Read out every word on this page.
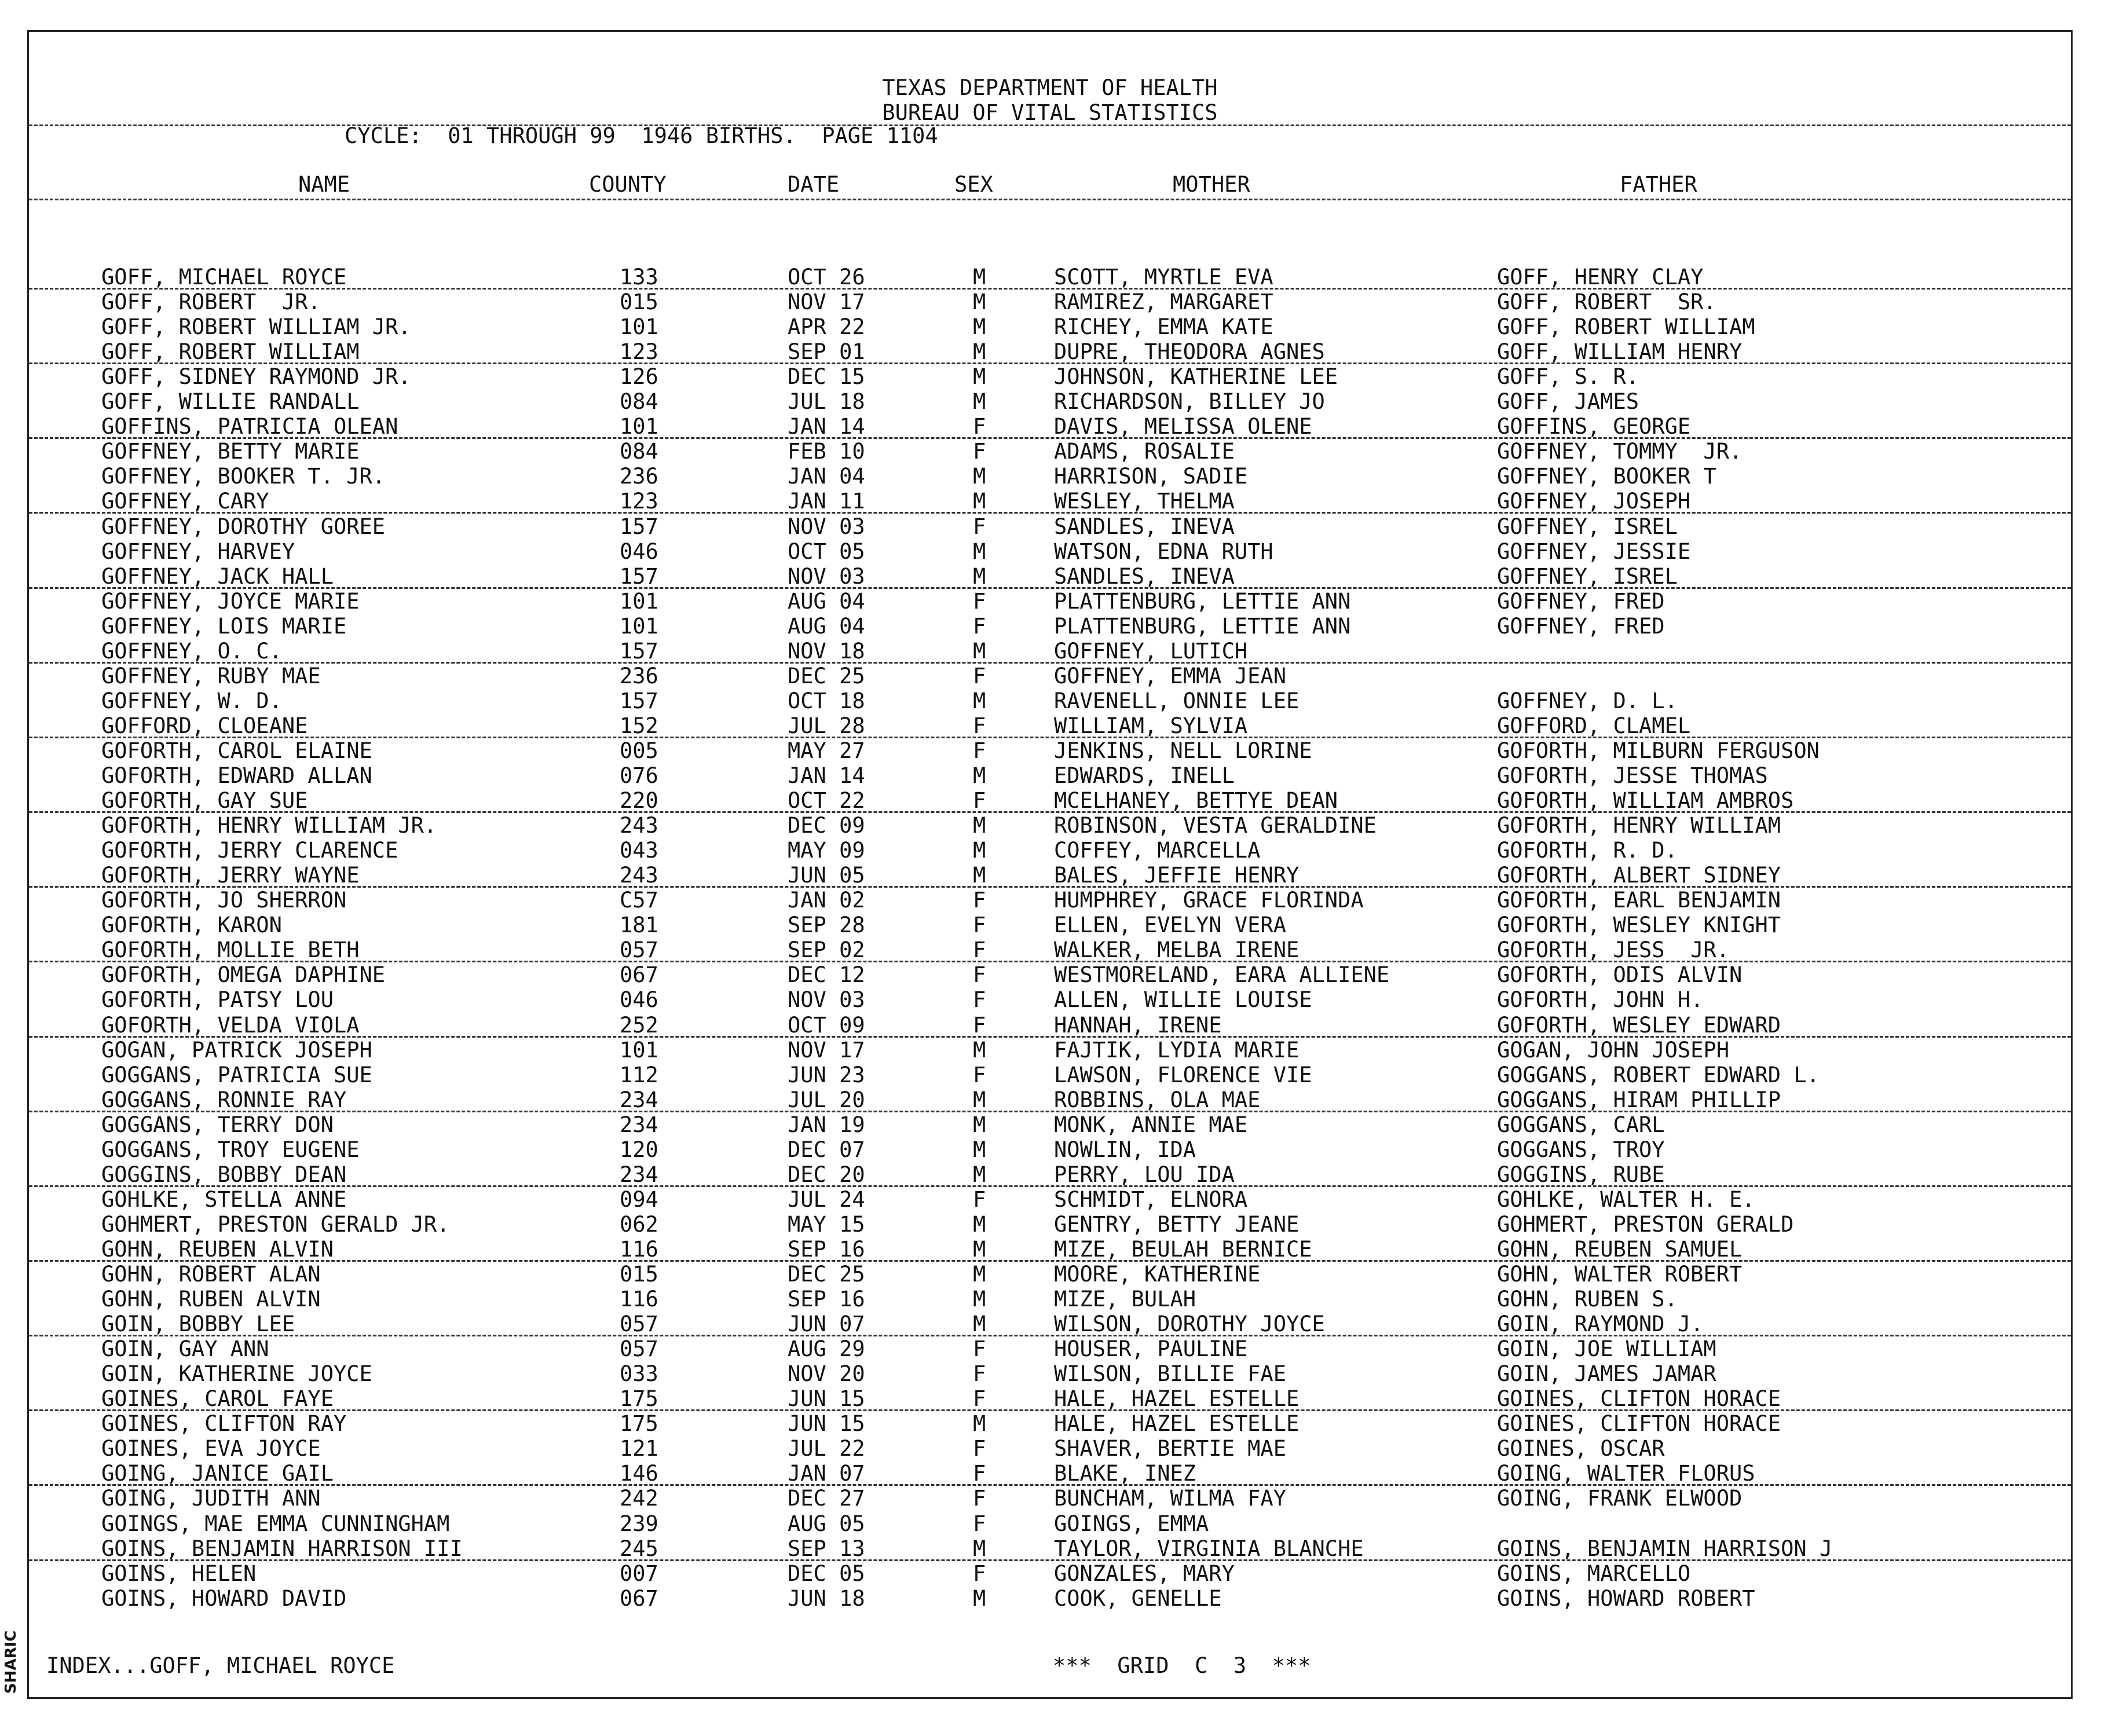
SHARIC
TEXAS DEPARTMENT OF HEALTH
BUREAU OF VITAL STATISTICS
CYCLE:  01 THROUGH 99  1946 BIRTHS.  PAGE 1104
NAME	COUNTY	DATE	SEX	MOTHER	FATHER
GOFF, MICHAEL ROYCE	133	OCT 26	M	SCOTT, MYRTLE EVA	GOFF, HENRY CLAY
GOFF, ROBERT  JR.	015	NOV 17	M	RAMIREZ, MARGARET	GOFF, ROBERT  SR.
GOFF, ROBERT WILLIAM JR.	101	APR 22	M	RICHEY, EMMA KATE	GOFF, ROBERT WILLIAM
GOFF, ROBERT WILLIAM	123	SEP 01	M	DUPRE, THEODORA AGNES	GOFF, WILLIAM HENRY
GOFF, SIDNEY RAYMOND JR.	126	DEC 15	M	JOHNSON, KATHERINE LEE	GOFF, S. R.
GOFF, WILLIE RANDALL	084	JUL 18	M	RICHARDSON, BILLEY JO	GOFF, JAMES
GOFFINS, PATRICIA OLEAN	101	JAN 14	F	DAVIS, MELISSA OLENE	GOFFINS, GEORGE
GOFFNEY, BETTY MARIE	084	FEB 10	F	ADAMS, ROSALIE	GOFFNEY, TOMMY  JR.
GOFFNEY, BOOKER T. JR.	236	JAN 04	M	HARRISON, SADIE	GOFFNEY, BOOKER T
GOFFNEY, CARY	123	JAN 11	M	WESLEY, THELMA	GOFFNEY, JOSEPH
GOFFNEY, DOROTHY GOREE	157	NOV 03	F	SANDLES, INEVA	GOFFNEY, ISREL
GOFFNEY, HARVEY	046	OCT 05	M	WATSON, EDNA RUTH	GOFFNEY, JESSIE
GOFFNEY, JACK HALL	157	NOV 03	M	SANDLES, INEVA	GOFFNEY, ISREL
GOFFNEY, JOYCE MARIE	101	AUG 04	F	PLATTENBURG, LETTIE ANN	GOFFNEY, FRED
GOFFNEY, LOIS MARIE	101	AUG 04	F	PLATTENBURG, LETTIE ANN	GOFFNEY, FRED
GOFFNEY, O. C.	157	NOV 18	M	GOFFNEY, LUTICH
GOFFNEY, RUBY MAE	236	DEC 25	F	GOFFNEY, EMMA JEAN
GOFFNEY, W. D.	157	OCT 18	M	RAVENELL, ONNIE LEE	GOFFNEY, D. L.
GOFFORD, CLOEANE	152	JUL 28	F	WILLIAM, SYLVIA	GOFFORD, CLAMEL
GOFORTH, CAROL ELAINE	005	MAY 27	F	JENKINS, NELL LORINE	GOFORTH, MILBURN FERGUSON
GOFORTH, EDWARD ALLAN	076	JAN 14	M	EDWARDS, INELL	GOFORTH, JESSE THOMAS
GOFORTH, GAY SUE	220	OCT 22	F	MCELHANEY, BETTYE DEAN	GOFORTH, WILLIAM AMBROS
GOFORTH, HENRY WILLIAM JR.	243	DEC 09	M	ROBINSON, VESTA GERALDINE	GOFORTH, HENRY WILLIAM
GOFORTH, JERRY CLARENCE	043	MAY 09	M	COFFEY, MARCELLA	GOFORTH, R. D.
GOFORTH, JERRY WAYNE	243	JUN 05	M	BALES, JEFFIE HENRY	GOFORTH, ALBERT SIDNEY
GOFORTH, JO SHERRON	C57	JAN 02	F	HUMPHREY, GRACE FLORINDA	GOFORTH, EARL BENJAMIN
GOFORTH, KARON	181	SEP 28	F	ELLEN, EVELYN VERA	GOFORTH, WESLEY KNIGHT
GOFORTH, MOLLIE BETH	057	SEP 02	F	WALKER, MELBA IRENE	GOFORTH, JESS  JR.
GOFORTH, OMEGA DAPHINE	067	DEC 12	F	WESTMORELAND, EARA ALLIENE	GOFORTH, ODIS ALVIN
GOFORTH, PATSY LOU	046	NOV 03	F	ALLEN, WILLIE LOUISE	GOFORTH, JOHN H.
GOFORTH, VELDA VIOLA	252	OCT 09	F	HANNAH, IRENE	GOFORTH, WESLEY EDWARD
GOGAN, PATRICK JOSEPH	101	NOV 17	M	FAJTIK, LYDIA MARIE	GOGAN, JOHN JOSEPH
GOGGANS, PATRICIA SUE	112	JUN 23	F	LAWSON, FLORENCE VIE	GOGGANS, ROBERT EDWARD L.
GOGGANS, RONNIE RAY	234	JUL 20	M	ROBBINS, OLA MAE	GOGGANS, HIRAM PHILLIP
GOGGANS, TERRY DON	234	JAN 19	M	MONK, ANNIE MAE	GOGGANS, CARL
GOGGANS, TROY EUGENE	120	DEC 07	M	NOWLIN, IDA	GOGGANS, TROY
GOGGINS, BOBBY DEAN	234	DEC 20	M	PERRY, LOU IDA	GOGGINS, RUBE
GOHLKE, STELLA ANNE	094	JUL 24	F	SCHMIDT, ELNORA	GOHLKE, WALTER H. E.
GOHMERT, PRESTON GERALD JR.	062	MAY 15	M	GENTRY, BETTY JEANE	GOHMERT, PRESTON GERALD
GOHN, REUBEN ALVIN	116	SEP 16	M	MIZE, BEULAH BERNICE	GOHN, REUBEN SAMUEL
GOHN, ROBERT ALAN	015	DEC 25	M	MOORE, KATHERINE	GOHN, WALTER ROBERT
GOHN, RUBEN ALVIN	116	SEP 16	M	MIZE, BULAH	GOHN, RUBEN S.
GOIN, BOBBY LEE	057	JUN 07	M	WILSON, DOROTHY JOYCE	GOIN, RAYMOND J.
GOIN, GAY ANN	057	AUG 29	F	HOUSER, PAULINE	GOIN, JOE WILLIAM
GOIN, KATHERINE JOYCE	033	NOV 20	F	WILSON, BILLIE FAE	GOIN, JAMES JAMAR
GOINES, CAROL FAYE	175	JUN 15	F	HALE, HAZEL ESTELLE	GOINES, CLIFTON HORACE
GOINES, CLIFTON RAY	175	JUN 15	M	HALE, HAZEL ESTELLE	GOINES, CLIFTON HORACE
GOINES, EVA JOYCE	121	JUL 22	F	SHAVER, BERTIE MAE	GOINES, OSCAR
GOING, JANICE GAIL	146	JAN 07	F	BLAKE, INEZ	GOING, WALTER FLORUS
GOING, JUDITH ANN	242	DEC 27	F	BUNCHAM, WILMA FAY	GOING, FRANK ELWOOD
GOINGS, MAE EMMA CUNNINGHAM	239	AUG 05	F	GOINGS, EMMA
GOINS, BENJAMIN HARRISON III	245	SEP 13	M	TAYLOR, VIRGINIA BLANCHE	GOINS, BENJAMIN HARRISON J
GOINS, HELEN	007	DEC 05	F	GONZALES, MARY	GOINS, MARCELLO
GOINS, HOWARD DAVID	067	JUN 18	M	COOK, GENELLE	GOINS, HOWARD ROBERT
INDEX...GOFF, MICHAEL ROYCE	***  GRID  C  3  ***
